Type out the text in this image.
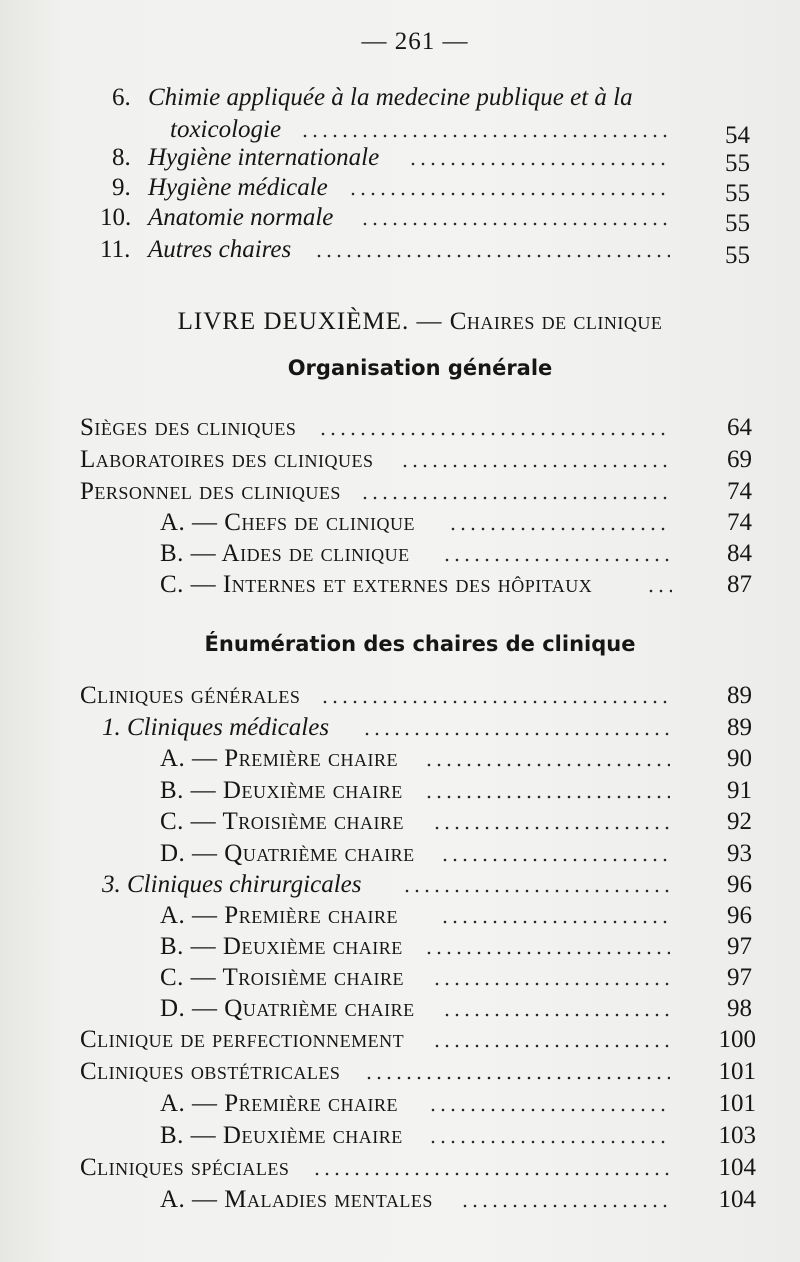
— 261 —
6. Chimie appliquée à la medecine publique et à la
toxicologie	54
8. Hygiène internationale	55
9. Hygiène médicale	55
10. Anatomie normale	55
11. Autres chaires	55
LIVRE DEUXIÈME. — Chaires de clinique
Organisation générale
Sièges des cliniques	64
Laboratoires des cliniques	69
Personnel des cliniques	74
A. — Chefs de clinique	74
B. — Aides de clinique	84
C. — Internes et externes des hôpitaux	87
Énumération des chaires de clinique
Cliniques générales	89
1. Cliniques médicales	89
A. — Première chaire	90
B. — Deuxième chaire	91
C. — Troisième chaire	92
D. — Quatrième chaire	93
3. Cliniques chirurgicales	96
A. — Première chaire	96
B. — Deuxième chaire	97
C. — Troisième chaire	97
D. — Quatrième chaire	98
Clinique de perfectionnement	100
Cliniques obstétricales	101
A. — Première chaire	101
B. — Deuxième chaire	103
Cliniques spéciales	104
A. — Maladies mentales	104
